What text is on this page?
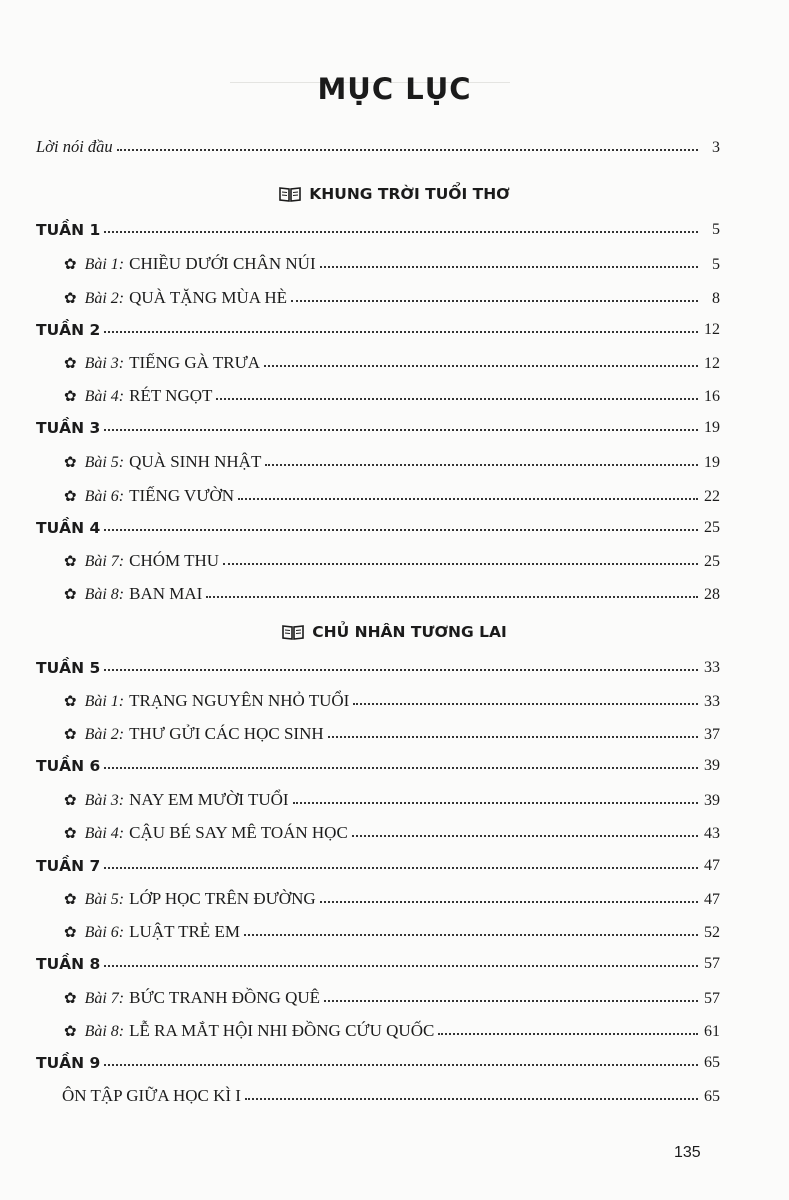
MỤC LỤC
Lời nói đầu	3
KHUNG TRỜI TUỔI THƠ
TUẦN 1	5
✿ Bài 1: CHIỀU DƯỚI CHÂN NÚI	5
✿ Bài 2: QUÀ TẶNG MÙA HÈ	8
TUẦN 2	12
✿ Bài 3: TIẾNG GÀ TRƯA	12
✿ Bài 4: RÉT NGỌT	16
TUẦN 3	19
✿ Bài 5: QUÀ SINH NHẬT	19
✿ Bài 6: TIẾNG VƯỜN	22
TUẦN 4	25
✿ Bài 7: CHÓM THU	25
✿ Bài 8: BAN MAI	28
CHỦ NHÂN TƯƠNG LAI
TUẦN 5	33
✿ Bài 1: TRẠNG NGUYÊN NHỎ TUỔI	33
✿ Bài 2: THƯ GỬI CÁC HỌC SINH	37
TUẦN 6	39
✿ Bài 3: NAY EM MƯỜI TUỔI	39
✿ Bài 4: CẬU BÉ SAY MÊ TOÁN HỌC	43
TUẦN 7	47
✿ Bài 5: LỚP HỌC TRÊN ĐƯỜNG	47
✿ Bài 6: LUẬT TRẺ EM	52
TUẦN 8	57
✿ Bài 7: BỨC TRANH ĐỒNG QUÊ	57
✿ Bài 8: LỄ RA MẮT HỘI NHI ĐỒNG CỨU QUỐC	61
TUẦN 9	65
ÔN TẬP GIỮA HỌC KÌ I	65
135
